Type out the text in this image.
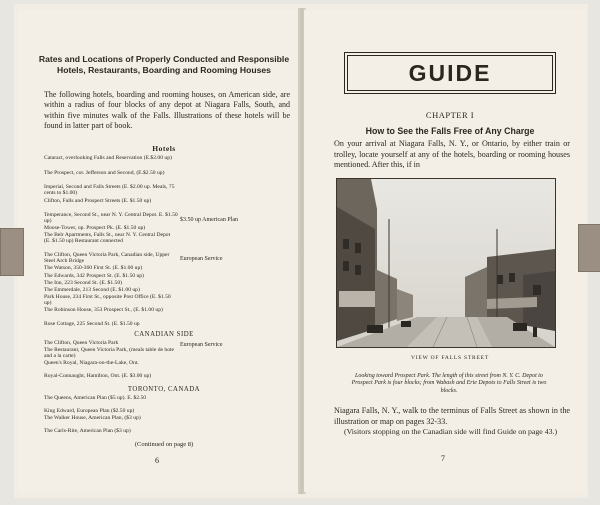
Rates and Locations of Properly Conducted and Responsible Hotels, Restaurants, Boarding and Rooming Houses

The following hotels, boarding and rooming houses, on American side, are within a radius of four blocks of any depot at Niagara Falls, South, and within five minutes walk of the Falls. Illustrations of these hotels will be found in latter part of book.

Hotels

Cataract, overlooking Falls and Reservation (E.$2.00 up)

The Prospect, cor. Jefferson and Second, (E.$2.50 up)

Imperial, Second and Falls Streets (E. $2.00 up. Meals, 75 cents to $1.00)

Clifton, Falls and Prospect Streets (E. $1.50 up)

Temperance, Second St., near N. Y. Central Depot. E. $1.50 up)

Moose-Tower, op. Prospect Pk. (E. $1.50 up)

The Belr Apartments, Falls St., near N. Y. Central Depot (E. $1.50 up) Restaurant connected

The Clifton, Queen Victoria Park, Canadian side, Upper Steel Arch Bridge

The Watson, 350-360 First St. (E. $1.00 up)

The Edwards, 342 Prospect St. (E. $1.50 up)

The Inn, 223 Second St. (E. $1.50)

The Emmerdale, 213 Second (E. $1.00 up)

Park House, 234 First St., opposite Post Office (E. $1.50 up)

The Robinson House, 353 Prospect St., (E. $1.00 up)

Rose Cottage, 225 Second St. (E. $1.50 up

$3.50 up American Plan
European Service
CANADIAN SIDE

The Clifton, Queen Victoria Park

The Restaurant, Queen Victoria Park, (meals table de hote and a la carte)

Queen's Royal, Niagara-on-the-Lake, Ont.

Royal-Connaught, Hamilton, Ont. (E. $3.00 up)

European Service
TORONTO, CANADA

The Queens, American Plan ($5 up). E. $2.50

King Edward, European Plan ($2.50 up)

The Walker House, American Plan, ($3 up)

The Carls-Rite, American Plan ($3 up)

(Continued on page 8)
6
GUIDE
CHAPTER I
How to See the Falls Free of Any Charge

On your arrival at Niagara Falls, N. Y., or Ontario, by either train or trolley, locate yourself at any of the hotels, boarding or rooming houses mentioned. After this, if in

VIEW OF FALLS STREET

Looking toward Prospect Park. The length of this street from N. Y. C. Depot to Prospect Park is four blocks; from Wabash and Erie Depots to Falls Street is two blocks.

Niagara Falls, N. Y., walk to the terminus of Falls Street as shown in the illustration or map on pages 32-33.

(Visitors stopping on the Canadian side will find Guide on page 43.)

7
